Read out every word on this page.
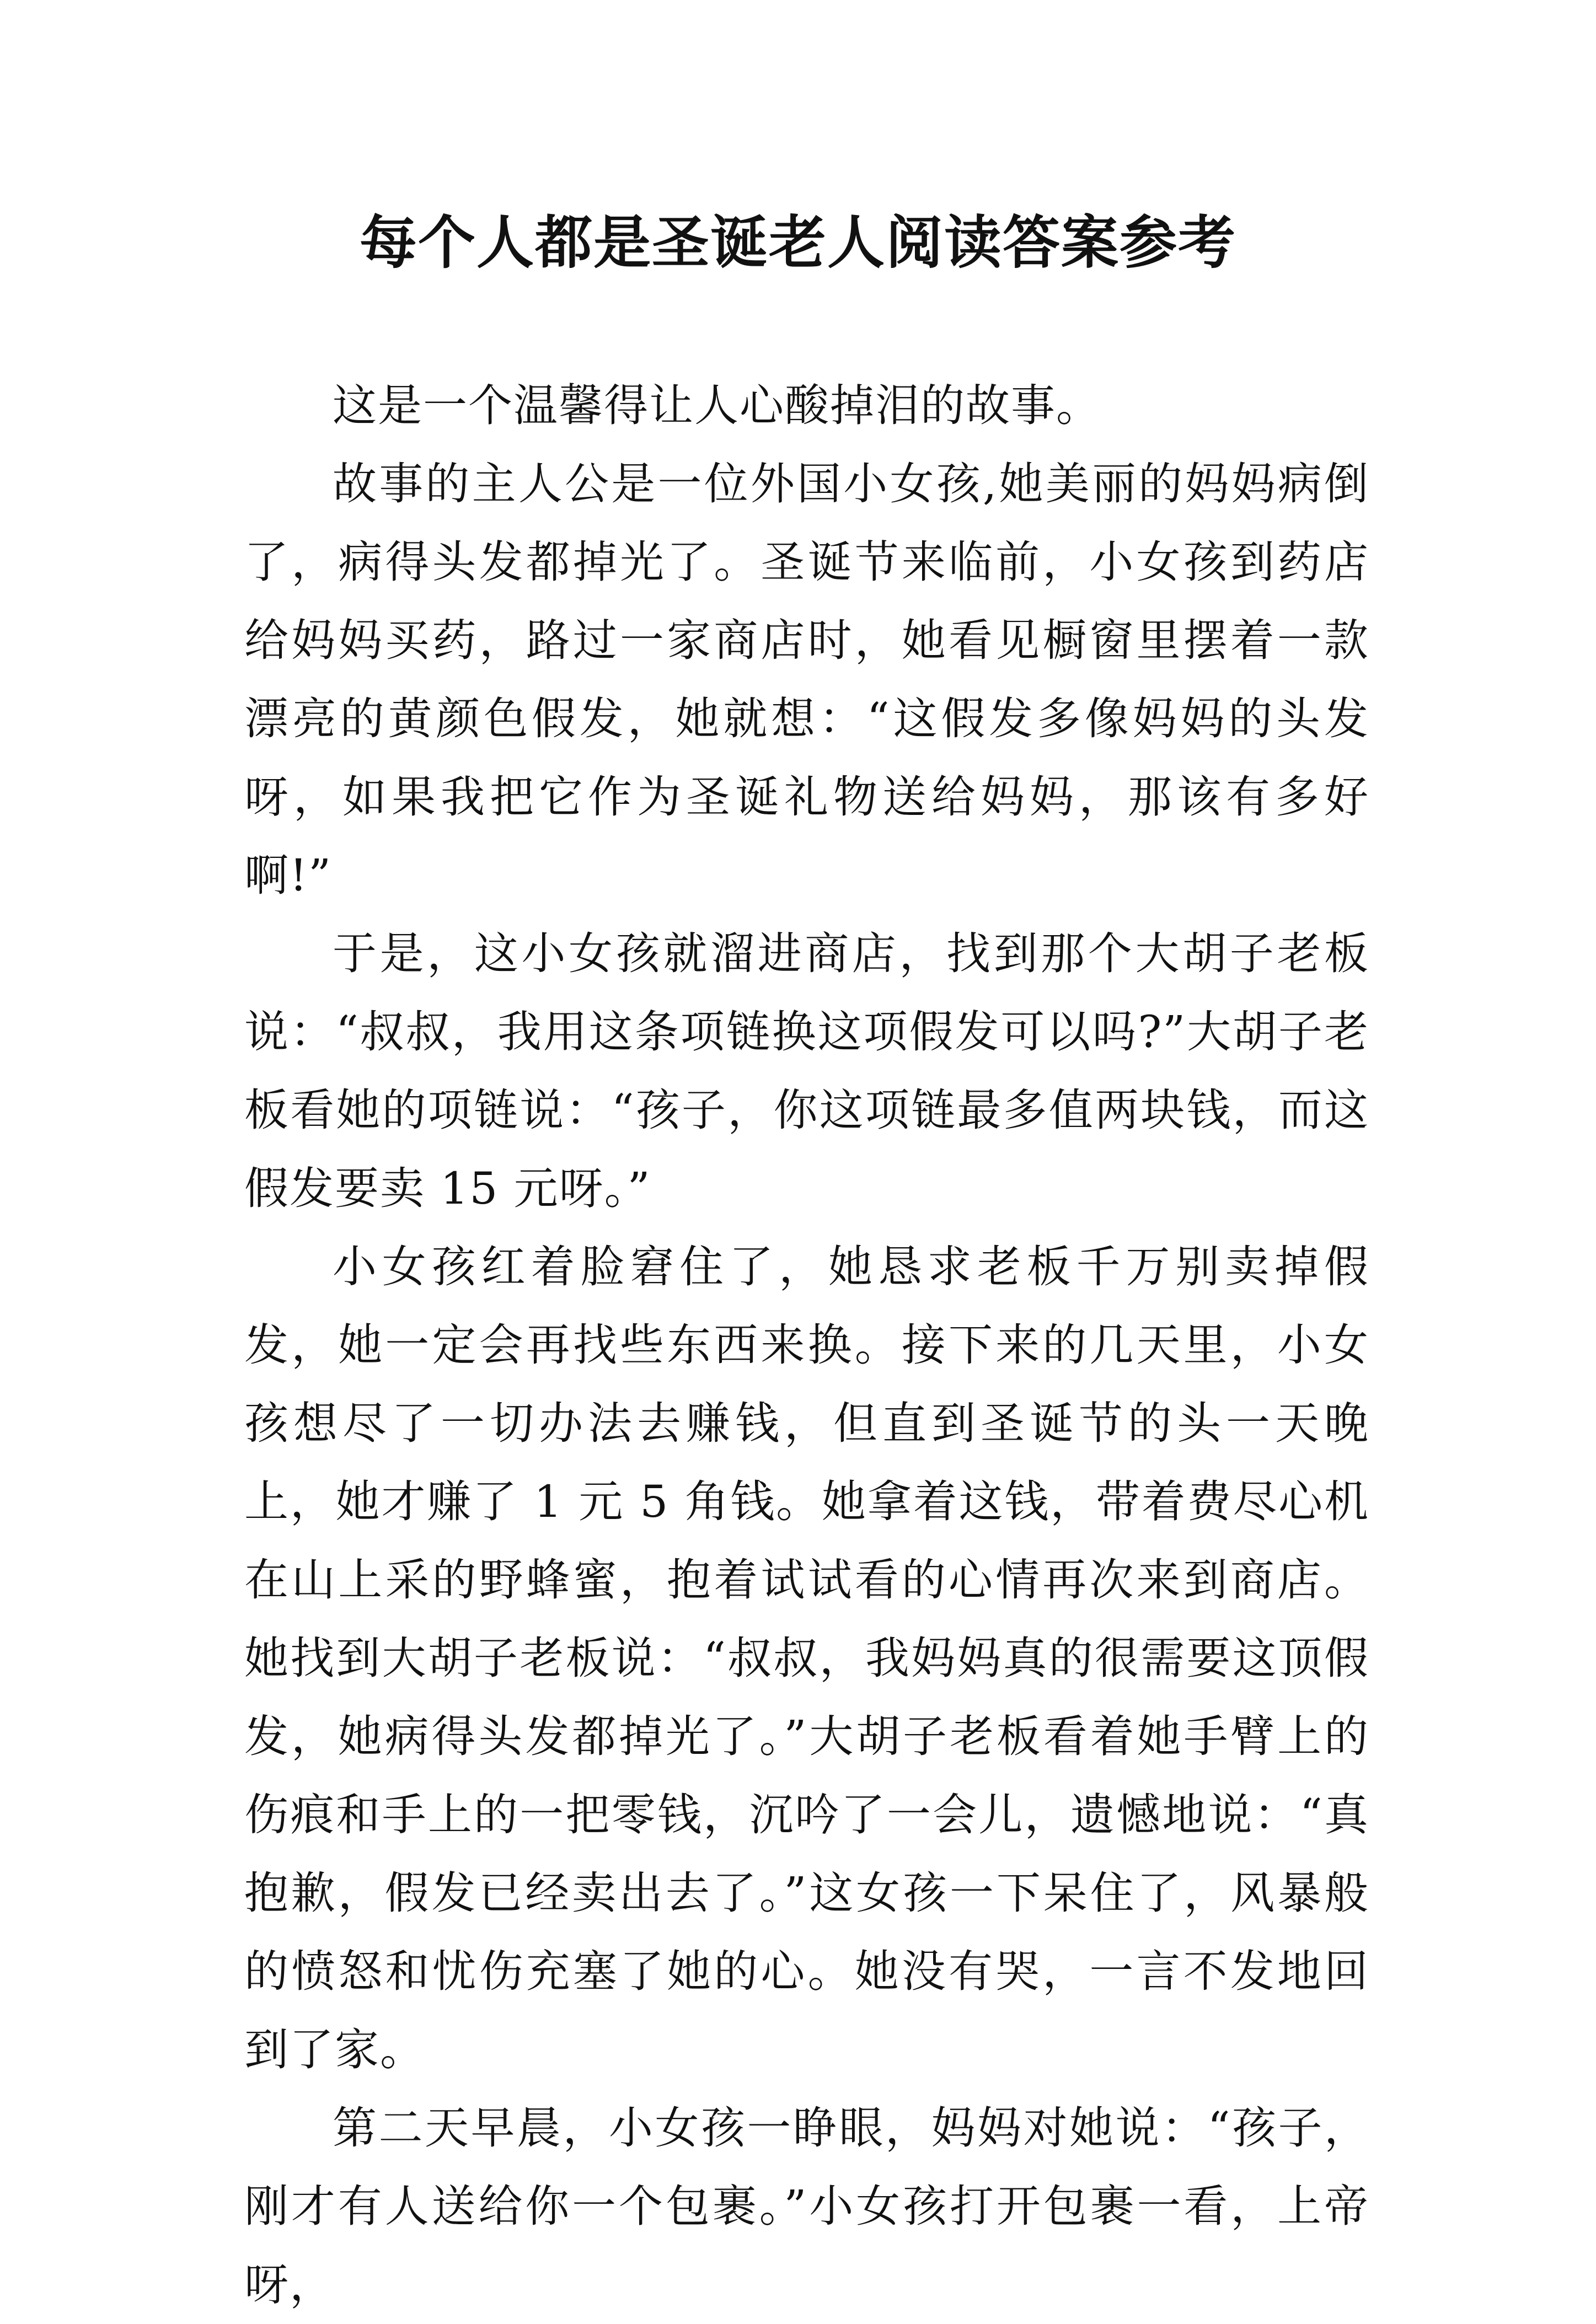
每个人都是圣诞老人阅读答案参考

这是一个温馨得让人心酸掉泪的故事。

故事的主人公是一位外国小女孩,她美丽的妈妈病倒了，病得头发都掉光了。圣诞节来临前，小女孩到药店给妈妈买药，路过一家商店时，她看见橱窗里摆着一款漂亮的黄颜色假发，她就想：“这假发多像妈妈的头发呀，如果我把它作为圣诞礼物送给妈妈，那该有多好啊!”

于是，这小女孩就溜进商店，找到那个大胡子老板说：“叔叔，我用这条项链换这项假发可以吗?”大胡子老板看她的项链说：“孩子，你这项链最多值两块钱，而这假发要卖 15 元呀。”

小女孩红着脸窘住了，她恳求老板千万别卖掉假发，她一定会再找些东西来换。接下来的几天里，小女孩想尽了一切办法去赚钱，但直到圣诞节的头一天晚上，她才赚了 1 元 5 角钱。她拿着这钱，带着费尽心机在山上采的野蜂蜜，抱着试试看的心情再次来到商店。她找到大胡子老板说：“叔叔，我妈妈真的很需要这顶假发，她病得头发都掉光了。”大胡子老板看着她手臂上的伤痕和手上的一把零钱，沉吟了一会儿，遗憾地说：“真抱歉，假发已经卖出去了。”这女孩一下呆住了，风暴般的愤怒和忧伤充塞了她的心。她没有哭，一言不发地回到了家。

第二天早晨，小女孩一睁眼，妈妈对她说：“孩子，刚才有人送给你一个包裹。”小女孩打开包裹一看，上帝呀，
